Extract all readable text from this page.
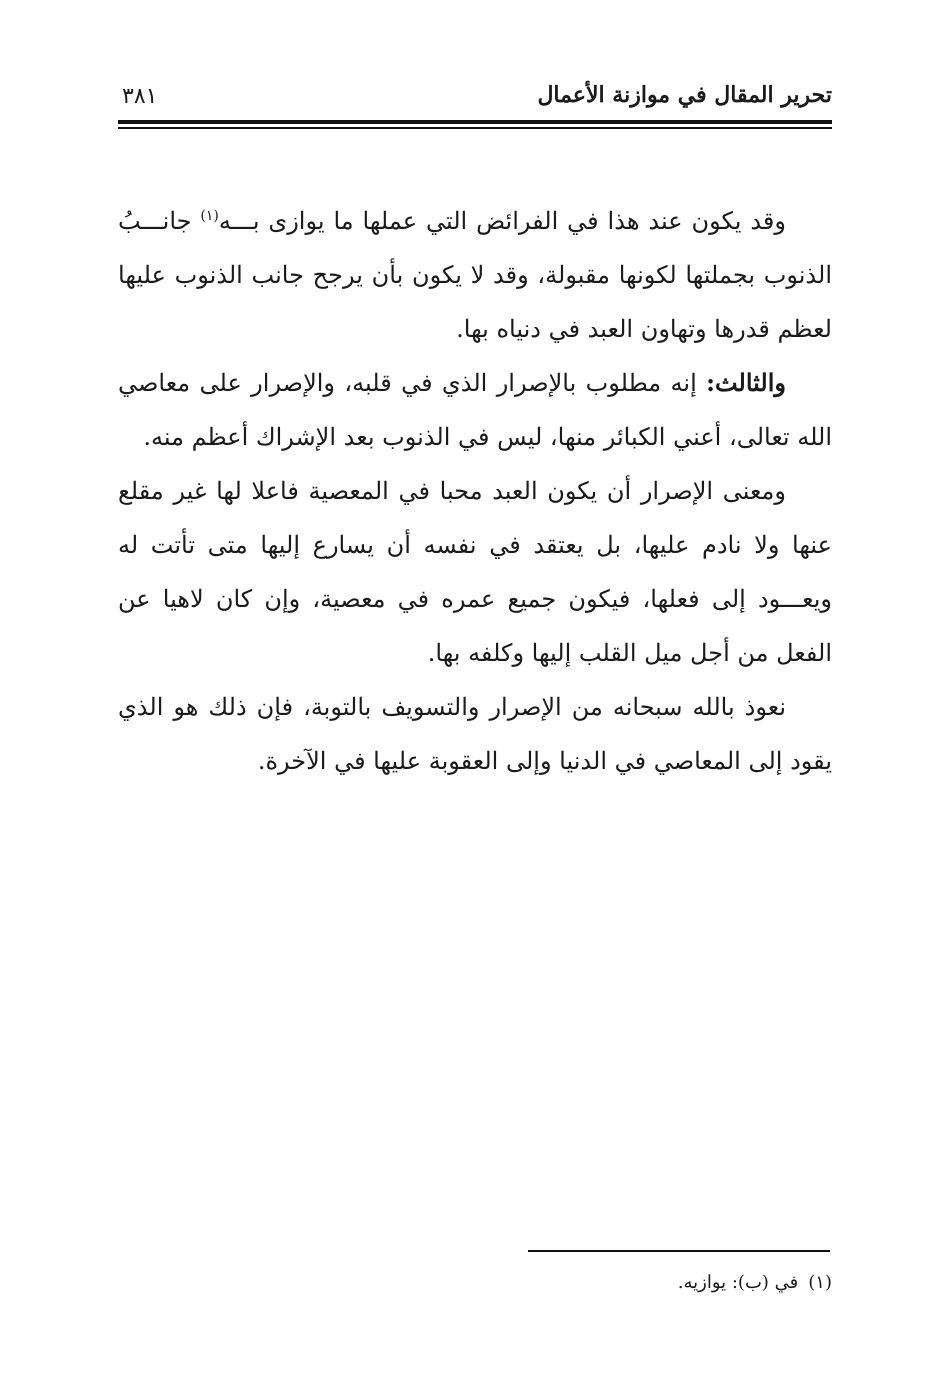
تحرير المقال في موازنة الأعمال
٣٨١

وقد يكون عند هذا في الفرائض التي عملها ما يوازى بـــه$^{(١)}$ جانـــبُ الذنوب بجملتها لكونها مقبولة، وقد لا يكون بأن يرجح جانب الذنوب عليها لعظم قدرها وتهاون العبد في دنياه بها.

والثالث: إنه مطلوب بالإصرار الذي في قلبه، والإصرار على معاصي الله تعالى، أعني الكبائر منها، ليس في الذنوب بعد الإشراك أعظم منه.

ومعنى الإصرار أن يكون العبد محبا في المعصية فاعلا لها غير مقلع عنها ولا نادم عليها، بل يعتقد في نفسه أن يسارع إليها متى تأتت له ويعـــود إلى فعلها، فيكون جميع عمره في معصية، وإن كان لاهيا عن الفعل من أجل ميل القلب إليها وكلفه بها.

نعوذ بالله سبحانه من الإصرار والتسويف بالتوبة، فإن ذلك هو الذي يقود إلى المعاصي في الدنيا وإلى العقوبة عليها في الآخرة.

(١)في (ب): يوازيه.
